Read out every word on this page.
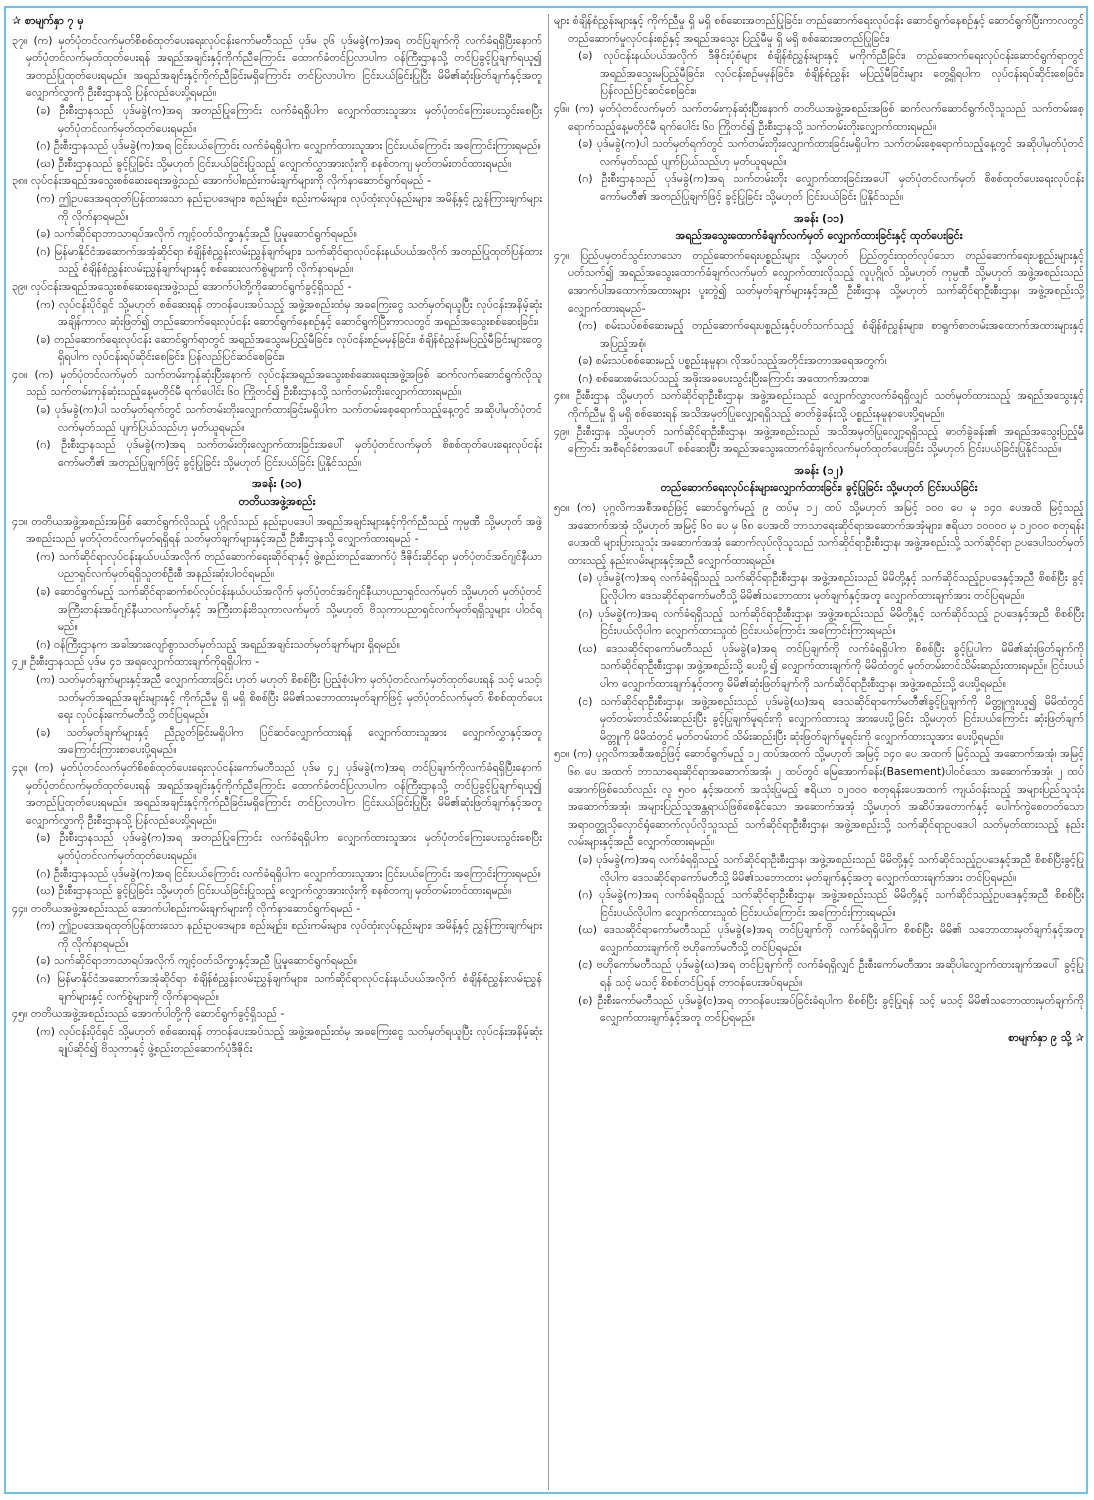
✰ စာမျက်နှာ ၇ မှ
၃၇။ (က) မှတ်ပုံတင်လက်မှတ်စိစစ်ထုတ်ပေးရေးလုပ်ငန်းကော်မတီသည် ပုဒ်မ ၃၆ ပုဒ်မခွဲ(က)အရ တင်ပြချက်ကို လက်ခံရရှိပြီးနောက် မှတ်ပုံတင်လက်မှတ်ထုတ်ပေးရန် အရည်အချင်းနှင့်ကိုက်ညီကြောင်း ထောက်ခံတင်ပြလာပါက ဝန်ကြီးဌာနသို့ တင်ပြခွင့်ပြုချက်ရယူ၍ အတည်ပြုထုတ်ပေးရမည်။ အရည်အချင်းနှင့်ကိုက်ညီခြင်းမရှိကြောင်း တင်ပြလာပါက ငြင်းပယ်ခြင်းပြုပြီး မိမိ၏ဆုံးဖြတ်ချက်နှင့်အတူ လျှောက်လွှာကို ဦးစီးဌာနသို့ ပြန်လည်ပေးပို့ရမည်။
(ခ) ဦးစီးဌာနသည် ပုဒ်မခွဲ(က)အရ အတည်ပြုကြောင်း လက်ခံရရှိပါက လျှောက်ထားသူအား မှတ်ပုံတင်ကြေးပေးသွင်းစေပြီး မှတ်ပုံတင်လက်မှတ်ထုတ်ပေးရမည်။
(ဂ) ဦးစီးဌာနသည် ပုဒ်မခွဲ(က)အရ ငြင်းပယ်ကြောင်း လက်ခံရရှိပါက လျှောက်ထားသူအား ငြင်းပယ်ကြောင်း အကြောင်းကြားရမည်။
(ဃ) ဦးစီးဌာနသည် ခွင့်ပြုခြင်း သို့မဟုတ် ငြင်းပယ်ခြင်းပြုသည့် လျှောက်လွှာအားလုံးကို စနစ်တကျ မှတ်တမ်းတင်ထားရမည်။
၃၈။ လုပ်ငန်းအရည်အသွေးစစ်ဆေးရေးအဖွဲ့သည် အောက်ပါစည်းကမ်းချက်များကို လိုက်နာဆောင်ရွက်ရမည် -
(က) ဤဥပဒေအရထုတ်ပြန်ထားသော နည်းဥပဒေများ၊ စည်းမျဉ်း၊ စည်းကမ်းများ၊ လုပ်ထုံးလုပ်နည်းများ၊ အမိန့်နှင့် ညွှန်ကြားချက်များကို လိုက်နာရမည်။
(ခ) သက်ဆိုင်ရာဘာသာရပ်အလိုက် ကျင့်ဝတ်သိက္ခာနှင့်အညီ ပြုမူဆောင်ရွက်ရမည်။
(ဂ) မြန်မာနိုင်ငံအဆောက်အအုံဆိုင်ရာ စံချိန်စံညွှန်းလမ်းညွှန်ချက်များ၊ သက်ဆိုင်ရာလုပ်ငန်းနယ်ပယ်အလိုက် အတည်ပြုထုတ်ပြန်ထားသည့် စံချိန်စံညွှန်းလမ်းညွှန်ချက်များနှင့် စစ်ဆေးလက်စွဲများကို လိုက်နာရမည်။
၃၉။ လုပ်ငန်းအရည်အသွေးစစ်ဆေးရေးအဖွဲ့သည် အောက်ပါတို့ကိုဆောင်ရွက်ခွင့်ရှိသည် -
(က) လုပ်ငန်းပိုင်ရှင် သို့မဟုတ် စစ်ဆေးရန် တာဝန်ပေးအပ်သည့် အဖွဲ့အစည်းထံမှ အခကြေးငွေ သတ်မှတ်ရယူပြီး လုပ်ငန်းအနိမ့်ဆုံးအချိန်ကာလ ဆုံးဖြတ်၍ တည်ဆောက်ရေးလုပ်ငန်း ဆောင်ရွက်နေစဉ်နှင့် ဆောင်ရွက်ပြီးကာလတွင် အရည်အသွေးစစ်ဆေးခြင်း၊
(ခ) တည်ဆောက်ရေးလုပ်ငန်း ဆောင်ရွက်ရာတွင် အရည်အသွေးမပြည့်မီခြင်း၊ လုပ်ငန်းစဉ်မမှန်ခြင်း၊ စံချိန်စံညွှန်းမပြည့်မီခြင်းများတွေ့ရှိရပါက လုပ်ငန်းရပ်ဆိုင်းစေခြင်း၊ ပြန်လည်ပြင်ဆင်စေခြင်း။
၄၀။ (က) မှတ်ပုံတင်လက်မှတ် သက်တမ်းကုန်ဆုံးပြီးနောက် လုပ်ငန်းအရည်အသွေးစစ်ဆေးရေးအဖွဲ့အဖြစ် ဆက်လက်ဆောင်ရွက်လိုသူသည် သက်တမ်းကုန်ဆုံးသည့်နေ့မတိုင်မီ ရက်ပေါင်း ၆၀ ကြိုတင်၍ ဦးစီးဌာနသို့ သက်တမ်းတိုးလျှောက်ထားရမည်။
(ခ) ပုဒ်မခွဲ(က)ပါ သတ်မှတ်ရက်တွင် သက်တမ်းတိုးလျှောက်ထားခြင်းမရှိပါက သက်တမ်းစေ့ရောက်သည့်နေ့တွင် အဆိုပါမှတ်ပုံတင်လက်မှတ်သည် ပျက်ပြယ်သည်ဟု မှတ်ယူရမည်။
(ဂ) ဦးစီးဌာနသည် ပုဒ်မခွဲ(က)အရ သက်တမ်းတိုးလျှောက်ထားခြင်းအပေါ် မှတ်ပုံတင်လက်မှတ် စိစစ်ထုတ်ပေးရေးလုပ်ငန်းကော်မတီ၏ အတည်ပြုချက်ဖြင့် ခွင့်ပြုခြင်း သို့မဟုတ် ငြင်းပယ်ခြင်း ပြုနိုင်သည်။
အခန်း (၁၀)
တတိယအဖွဲ့အစည်း
၄၁။ တတိယအဖွဲ့အစည်းအဖြစ် ဆောင်ရွက်လိုသည့် ပုဂ္ဂိုလ်သည် နည်းဥပဒေပါ အရည်အချင်းများနှင့်ကိုက်ညီသည့် ကုမ္ပဏီ သို့မဟုတ် အဖွဲ့အစည်းသည် မှတ်ပုံတင်လက်မှတ်ရရှိရန် သတ်မှတ်ချက်များနှင့်အညီ ဦးစီးဌာနသို့ လျှောက်ထားရမည် -
(က) သက်ဆိုင်ရာလုပ်ငန်းနယ်ပယ်အလိုက် တည်ဆောက်ရေးဆိုင်ရာနှင့် ဖွဲ့စည်းတည်ဆောက်ပုံ ဒီဇိုင်းဆိုင်ရာ မှတ်ပုံတင်အင်ဂျင်နီယာပညာရှင်လက်မှတ်ရရှိသူတစ်ဦးစီ အနည်းဆုံးပါဝင်ရမည်။
(ခ) ဆောင်ရွက်မည့် သက်ဆိုင်ရာဆက်စပ်လုပ်ငန်းနယ်ပယ်အလိုက် မှတ်ပုံတင်အင်ဂျင်နီယာပညာရှင်လက်မှတ် သို့မဟုတ် မှတ်ပုံတင်အကြီးတန်းအင်ဂျင်နီယာလက်မှတ်နှင့် အကြီးတန်းဗိသုကာလက်မှတ် သို့မဟုတ် ဗိသုကာပညာရှင်လက်မှတ်ရရှိသူများ ပါဝင်ရမည်။
(ဂ) ဝန်ကြီးဌာနက အခါအားလျော်စွာသတ်မှတ်သည့် အရည်အချင်းသတ်မှတ်ချက်များ ရှိရမည်။
၄၂။ ဦးစီးဌာနသည် ပုဒ်မ ၄၁ အရလျှောက်ထားချက်ကိုရရှိပါက -
(က) သတ်မှတ်ချက်များနှင့်အညီ လျှောက်ထားခြင်း ဟုတ် မဟုတ် စိစစ်ပြီး ပြည့်စုံပါက မှတ်ပုံတင်လက်မှတ်ထုတ်ပေးရန် သင့် မသင့်၊ သတ်မှတ်အရည်အချင်းများနှင့် ကိုက်ညီမှု ရှိ မရှိ စိစစ်ပြီး မိမိ၏သဘောထားမှတ်ချက်ဖြင့် မှတ်ပုံတင်လက်မှတ် စိစစ်ထုတ်ပေးရေး လုပ်ငန်းကော်မတီသို့ တင်ပြရမည်။
(ခ) သတ်မှတ်ချက်များနှင့် ညီညွတ်ခြင်းမရှိပါက ပြင်ဆင်လျှောက်ထားရန် လျှောက်ထားသူအား လျှောက်လွှာနှင့်အတူ အကြောင်းကြားစာပေးပို့ရမည်။
၄၃။ (က) မှတ်ပုံတင်လက်မှတ်စိစစ်ထုတ်ပေးရေးလုပ်ငန်းကော်မတီသည် ပုဒ်မ ၄၂ ပုဒ်မခွဲ(က)အရ တင်ပြချက်ကိုလက်ခံရရှိပြီးနောက် မှတ်ပုံတင်လက်မှတ်ထုတ်ပေးရန် အရည်အချင်းနှင့်ကိုက်ညီကြောင်း ထောက်ခံတင်ပြလာပါက ဝန်ကြီးဌာနသို့ တင်ပြခွင့်ပြုချက်ရယူ၍ အတည်ပြုထုတ်ပေးရမည်။ အရည်အချင်းနှင့်ကိုက်ညီခြင်းမရှိကြောင်း တင်ပြလာပါက ငြင်းပယ်ခြင်းပြုပြီး မိမိ၏ဆုံးဖြတ်ချက်နှင့်အတူ လျှောက်လွှာကို ဦးစီးဌာနသို့ ပြန်လည်ပေးပို့ရမည်။
(ခ) ဦးစီးဌာနသည် ပုဒ်မခွဲ(က)အရ အတည်ပြုကြောင်း လက်ခံရရှိပါက လျှောက်ထားသူအား မှတ်ပုံတင်ကြေးပေးသွင်းစေပြီး မှတ်ပုံတင်လက်မှတ်ထုတ်ပေးရမည်။
(ဂ) ဦးစီးဌာနသည် ပုဒ်မခွဲ(က)အရ ငြင်းပယ်ကြောင်း လက်ခံရရှိပါက လျှောက်ထားသူအား ငြင်းပယ်ကြောင်း အကြောင်းကြားရမည်။
(ဃ) ဦးစီးဌာနသည် ခွင့်ပြုခြင်း သို့မဟုတ် ငြင်းပယ်ခြင်းပြုသည့် လျှောက်လွှာအားလုံးကို စနစ်တကျ မှတ်တမ်းတင်ထားရမည်။
၄၄။ တတိယအဖွဲ့အစည်းသည် အောက်ပါစည်းကမ်းချက်များကို လိုက်နာဆောင်ရွက်ရမည် -
(က) ဤဥပဒေအရထုတ်ပြန်ထားသော နည်းဥပဒေများ၊ စည်းမျဉ်း၊ စည်းကမ်းများ၊ လုပ်ထုံးလုပ်နည်းများ၊ အမိန့်နှင့် ညွှန်ကြားချက်များကို လိုက်နာရမည်။
(ခ) သက်ဆိုင်ရာဘာသာရပ်အလိုက် ကျင့်ဝတ်သိက္ခာနှင့်အညီ ပြုမူဆောင်ရွက်ရမည်။
(ဂ) မြန်မာနိုင်ငံအဆောက်အအုံဆိုင်ရာ စံချိန်စံညွှန်းလမ်းညွှန်ချက်များ၊ သက်ဆိုင်ရာလုပ်ငန်းနယ်ပယ်အလိုက် စံချိန်စံညွှန်းလမ်းညွှန်ချက်များနှင့် လက်စွဲများကို လိုက်နာရမည်။
၄၅။ တတိယအဖွဲ့အစည်းသည် အောက်ပါတို့ကို ဆောင်ရွက်ခွင့်ရှိသည် -
(က) လုပ်ငန်းပိုင်ရှင် သို့မဟုတ် စစ်ဆေးရန် တာဝန်ပေးအပ်သည့် အဖွဲ့အစည်းထံမှ အခကြေးငွေ သတ်မှတ်ရယူပြီး လုပ်ငန်းအနိမ့်ဆုံး ချုပ်ဆိုင်၍ ဗိသုကာနှင့် ဖွဲ့စည်းတည်ဆောက်ပုံဒီဇိုင်း
များ စံချိန်စံညွှန်းများနှင့် ကိုက်ညီမှု ရှိ မရှိ စစ်ဆေးအတည်ပြုခြင်း၊ တည်ဆောက်ရေးလုပ်ငန်း ဆောင်ရွက်နေစဉ်နှင့် ဆောင်ရွက်ပြီးကာလတွင် တည်ဆောက်မှုလုပ်ငန်းစဉ်နှင့် အရည်အသွေး ပြည့်မီမှု ရှိ မရှိ စစ်ဆေးအတည်ပြုခြင်း၊
(ခ) လုပ်ငန်းနယ်ပယ်အလိုက် ဒီဇိုင်းပုံစံများ စံချိန်စံညွှန်းများနှင့် မကိုက်ညီခြင်း၊ တည်ဆောက်ရေးလုပ်ငန်းဆောင်ရွက်ရာတွင် အရည်အသွေးမပြည့်မီခြင်း၊ လုပ်ငန်းစဉ်မမှန်ခြင်း၊ စံချိန်စံညွှန်း မပြည့်မီခြင်းများ တွေ့ရှိရပါက လုပ်ငန်းရပ်ဆိုင်းစေခြင်း၊ ပြန်လည်ပြင်ဆင်စေခြင်း။
၄၆။ (က) မှတ်ပုံတင်လက်မှတ် သက်တမ်းကုန်ဆုံးပြီးနောက် တတိယအဖွဲ့အစည်းအဖြစ် ဆက်လက်ဆောင်ရွက်လိုသူသည် သက်တမ်းစေ့ရောက်သည့်နေ့မတိုင်မီ ရက်ပေါင်း ၆၀ ကြိုတင်၍ ဦးစီးဌာနသို့ သက်တမ်းတိုးလျှောက်ထားရမည်။
(ခ) ပုဒ်မခွဲ(က)ပါ သတ်မှတ်ရက်တွင် သက်တမ်းတိုးလျှောက်ထားခြင်းမရှိပါက သက်တမ်းစေ့ရောက်သည့်နေ့တွင် အဆိုပါမှတ်ပုံတင်လက်မှတ်သည် ပျက်ပြယ်သည်ဟု မှတ်ယူရမည်။
(ဂ) ဦးစီးဌာနသည် ပုဒ်မခွဲ(က)အရ သက်တမ်းတိုး လျှောက်ထားခြင်းအပေါ် မှတ်ပုံတင်လက်မှတ် စိစစ်ထုတ်ပေးရေးလုပ်ငန်းကော်မတီ၏ အတည်ပြုချက်ဖြင့် ခွင့်ပြုခြင်း သို့မဟုတ် ငြင်းပယ်ခြင်း ပြုနိုင်သည်။
အခန်း (၁၁)
အရည်အသွေးထောက်ခံချက်လက်မှတ် လျှောက်ထားခြင်းနှင့် ထုတ်ပေးခြင်း
၄၇။ ပြည်ပမှတင်သွင်းလာသော တည်ဆောက်ရေးပစ္စည်းများ သို့မဟုတ် ပြည်တွင်းထုတ်လုပ်သော တည်ဆောက်ရေးပစ္စည်းများနှင့်ပတ်သက်၍ အရည်အသွေးထောက်ခံချက်လက်မှတ် လျှောက်ထားလိုသည့် လူပုဂ္ဂိုလ် သို့မဟုတ် ကုမ္ပဏီ သို့မဟုတ် အဖွဲ့အစည်းသည် အောက်ပါအထောက်အထားများ ပူးတွဲ၍ သတ်မှတ်ချက်များနှင့်အညီ ဦးစီးဌာန သို့မဟုတ် သက်ဆိုင်ရာဦးစီးဌာန၊ အဖွဲ့အစည်းသို့ လျှောက်ထားရမည်-
(က) စမ်းသပ်စစ်ဆေးမည့် တည်ဆောက်ရေးပစ္စည်းနှင့်ပတ်သက်သည့် စံချိန်စံညွှန်းများ၊ စာရွက်စာတမ်းအထောက်အထားများနှင့်အပြည့်အစုံ၊
(ခ) စမ်းသပ်စစ်ဆေးမည့် ပစ္စည်းနမူနာ၊ လိုအပ်သည့်အတိုင်းအတာအရေအတွက်၊
(ဂ) စစ်ဆေးစမ်းသပ်သည့် အဖိုးအခပေးသွင်းပြီးကြောင်း အထောက်အထား။
၄၈။ ဦးစီးဌာန သို့မဟုတ် သက်ဆိုင်ရာဦးစီးဌာန၊ အဖွဲ့အစည်းသည် လျှောက်လွှာလက်ခံရရှိလျှင် သတ်မှတ်ထားသည့် အရည်အသွေးနှင့် ကိုက်ညီမှု ရှိ မရှိ စစ်ဆေးရန် အသိအမှတ်ပြုလျှော့ရရှိသည့် ဓာတ်ခွဲခန်းသို့ ပစ္စည်းနမူနာပေးပို့ရမည်။
၄၉။ ဦးစီးဌာန သို့မဟုတ် သက်ဆိုင်ရာဦးစီးဌာန၊ အဖွဲ့အစည်းသည် အသိအမှတ်ပြုလျှော့ရရှိသည့် ဓာတ်ခွဲခန်း၏ အရည်အသွေးပြည့်မီကြောင်း အစီရင်ခံစာအပေါ် စစ်ဆေးပြီး အရည်အသွေးထောက်ခံချက်လက်မှတ်ထုတ်ပေးခြင်း သို့မဟုတ် ငြင်းပယ်ခြင်းပြုနိုင်သည်။
အခန်း (၁၂)
တည်ဆောက်ရေးလုပ်ငန်းများလျှောက်ထားခြင်း၊ ခွင့်ပြုခြင်း သို့မဟုတ် ငြင်းပယ်ခြင်း
၅၀။ (က) ပုဂ္ဂလိကအစီအစဉ်ဖြင့် ဆောင်ရွက်မည့် ၉ ထပ်မှ ၁၂ ထပ် သို့မဟုတ် အမြင့် ၁၀၀ ပေ မှ ၁၄၀ ပေအထိ မြင့်သည့်အဆောက်အအုံ သို့မဟုတ် အမြင့် ၆၀ ပေ မှ ၆၈ ပေအထိ ဘာသာရေးဆိုင်ရာအဆောက်အအုံများ၊ ဧရိယာ ၁၀၀၀၀ မှ ၁၂၀၀၀ စတုရန်းပေအထိ များပြားသူသုံး အဆောက်အအုံ ဆောက်လုပ်လိုသူသည် သက်ဆိုင်ရာဦးစီးဌာန၊ အဖွဲ့အစည်းသို့ သက်ဆိုင်ရာ ဥပဒေပါသတ်မှတ်ထားသည့် နည်းလမ်းများနှင့်အညီ လျှောက်ထားရမည်။
(ခ) ပုဒ်မခွဲ(က)အရ လက်ခံရရှိသည့် သက်ဆိုင်ရာဦးစီးဌာန၊ အဖွဲ့အစည်းသည် မိမိတို့နှင့် သက်ဆိုင်သည့်ဥပဒေနှင့်အညီ စိစစ်ပြီး ခွင့်ပြုလိုပါက ဒေသဆိုင်ရာကော်မတီသို့ မိမိ၏သဘောထား မှတ်ချက်နှင့်အတူ လျှောက်ထားချက်အား တင်ပြရမည်။
(ဂ) ပုဒ်မခွဲ(က)အရ လက်ခံရရှိသည့် သက်ဆိုင်ရာဦးစီးဌာန၊ အဖွဲ့အစည်းသည် မိမိတို့နှင့် သက်ဆိုင်သည့် ဥပဒေနှင့်အညီ စိစစ်ပြီး ငြင်းပယ်လိုပါက လျှောက်ထားသူထံ ငြင်းပယ်ကြောင်း အကြောင်းကြားရမည်။
(ဃ) ဒေသဆိုင်ရာကော်မတီသည် ပုဒ်မခွဲ(ခ)အရ တင်ပြချက်ကို လက်ခံရရှိပါက စိစစ်ပြီး ခွင့်ပြုပါက မိမိ၏ဆုံးဖြတ်ချက်ကို သက်ဆိုင်ရာဦးစီးဌာန၊ အဖွဲ့အစည်းသို့ ပေးပို့၍ လျှောက်ထားချက်ကို မိမိထံတွင် မှတ်တမ်းတင်သိမ်းဆည်းထားရမည်။ ငြင်းပယ်ပါက လျှောက်ထားချက်နှင့်တကွ မိမိ၏ဆုံးဖြတ်ချက်ကို သက်ဆိုင်ရာဦးစီးဌာန၊ အဖွဲ့အစည်းသို့ ပေးပို့ရမည်။
(င) သက်ဆိုင်ရာဦးစီးဌာန၊ အဖွဲ့အစည်းသည် ပုဒ်မခွဲ(ဃ)အရ ဒေသဆိုင်ရာကော်မတီ၏ခွင့်ပြုချက်ကို မိတ္တူကူးယူ၍ မိမိထံတွင် မှတ်တမ်းတင်သိမ်းဆည်းပြီး ခွင့်ပြုချက်မူရင်းကို လျှောက်ထားသူ အားပေးပို့ခြင်း သို့မဟုတ် ငြင်းပယ်ကြောင်း ဆုံးဖြတ်ချက်မိတ္တူကို မိမိထံတွင် မှတ်တမ်းတင် သိမ်းဆည်းပြီး ဆုံးဖြတ်ချက်မူရင်းကို လျှောက်ထားသူအား ပေးပို့ရမည်။
၅၁။ (က) ပုဂ္ဂလိကအစီအစဉ်ဖြင့် ဆောင်ရွက်မည့် ၁၂ ထပ်အထက် သို့မဟုတ် အမြင့် ၁၄၀ ပေ အထက် မြင့်သည့် အဆောက်အအုံ၊ အမြင့် ၆၈ ပေ အထက် ဘာသာရေးဆိုင်ရာအဆောက်အအုံ၊ ၂ ထပ်တွင် မြေအောက်ခန်း(Basement)ပါဝင်သော အဆောက်အအုံ၊ ၂ ထပ်အောက်ဖြစ်သော်လည်း လူ ၅၀၀ နှင့်အထက် အသုံးပြုမည့် ဧရိယာ ၁၂၀၀၀ စတုရန်းပေအထက် ကျယ်ဝန်းသည့် အများပြည်သူသုံးအဆောက်အအုံ၊ အများပြည်သူအန္တရာယ်ဖြစ်စေနိုင်သော အဆောက်အအုံ သို့မဟုတ် အဆိပ်အတောက်နှင့် ပေါက်ကွဲစေတတ်သော အရာဝတ္ထုသိုလှောင်ရုံဆောက်လုပ်လိုသူသည် သက်ဆိုင်ရာဦးစီးဌာန၊ အဖွဲ့အစည်းသို့ သက်ဆိုင်ရာဥပဒေပါ သတ်မှတ်ထားသည့် နည်းလမ်းများနှင့်အညီ လျှောက်ထားရမည်။
(ခ) ပုဒ်မခွဲ(က)အရ လက်ခံရရှိသည့် သက်ဆိုင်ရာဦးစီးဌာန၊ အဖွဲ့အစည်းသည် မိမိတို့နှင့် သက်ဆိုင်သည့်ဥပဒေနှင့်အညီ စိစစ်ပြီးခွင့်ပြုလိုပါက ဒေသဆိုင်ရာကော်မတီသို့ မိမိ၏သဘောထား မှတ်ချက်နှင့်အတူ လျှောက်ထားချက်အား တင်ပြရမည်။
(ဂ) ပုဒ်မခွဲ(က)အရ လက်ခံရရှိသည့် သက်ဆိုင်ရာဦးစီးဌာန၊ အဖွဲ့အစည်းသည် မိမိတို့နှင့် သက်ဆိုင်သည့်ဥပဒေနှင့်အညီ စိစစ်ပြီး ငြင်းပယ်လိုပါက လျှောက်ထားသူထံ ငြင်းပယ်ကြောင်း အကြောင်းကြားရမည်။
(ဃ) ဒေသဆိုင်ရာကော်မတီသည် ပုဒ်မခွဲ(ခ)အရ တင်ပြချက်ကို လက်ခံရရှိပါက စိစစ်ပြီး မိမိ၏ သဘောထားမှတ်ချက်နှင့်အတူ လျှောက်ထားချက်ကို ဗဟိုကော်မတီသို့ တင်ပြရမည်။
(င) ဗဟိုကော်မတီသည် ပုဒ်မခွဲ(ဃ)အရ တင်ပြချက်ကို လက်ခံရရှိလျှင် ဦးစီးကော်မတီအား အဆိုပါလျှောက်ထားချက်အပေါ် ခွင့်ပြုရန် သင့် မသင့် စိစစ်တင်ပြရန် တာဝန်ပေးအပ်ရမည်။
(စ) ဦးစီးကော်မတီသည် ပုဒ်မခွဲ(င)အရ တာဝန်ပေးအပ်ခြင်းခံရပါက စိစစ်ပြီး ခွင့်ပြုရန် သင့် မသင့် မိမိ၏သဘောထားမှတ်ချက်ကို လျှောက်ထားချက်နှင့်အတူ တင်ပြရမည်။
စာမျက်နှာ ၉ သို့ ✰
